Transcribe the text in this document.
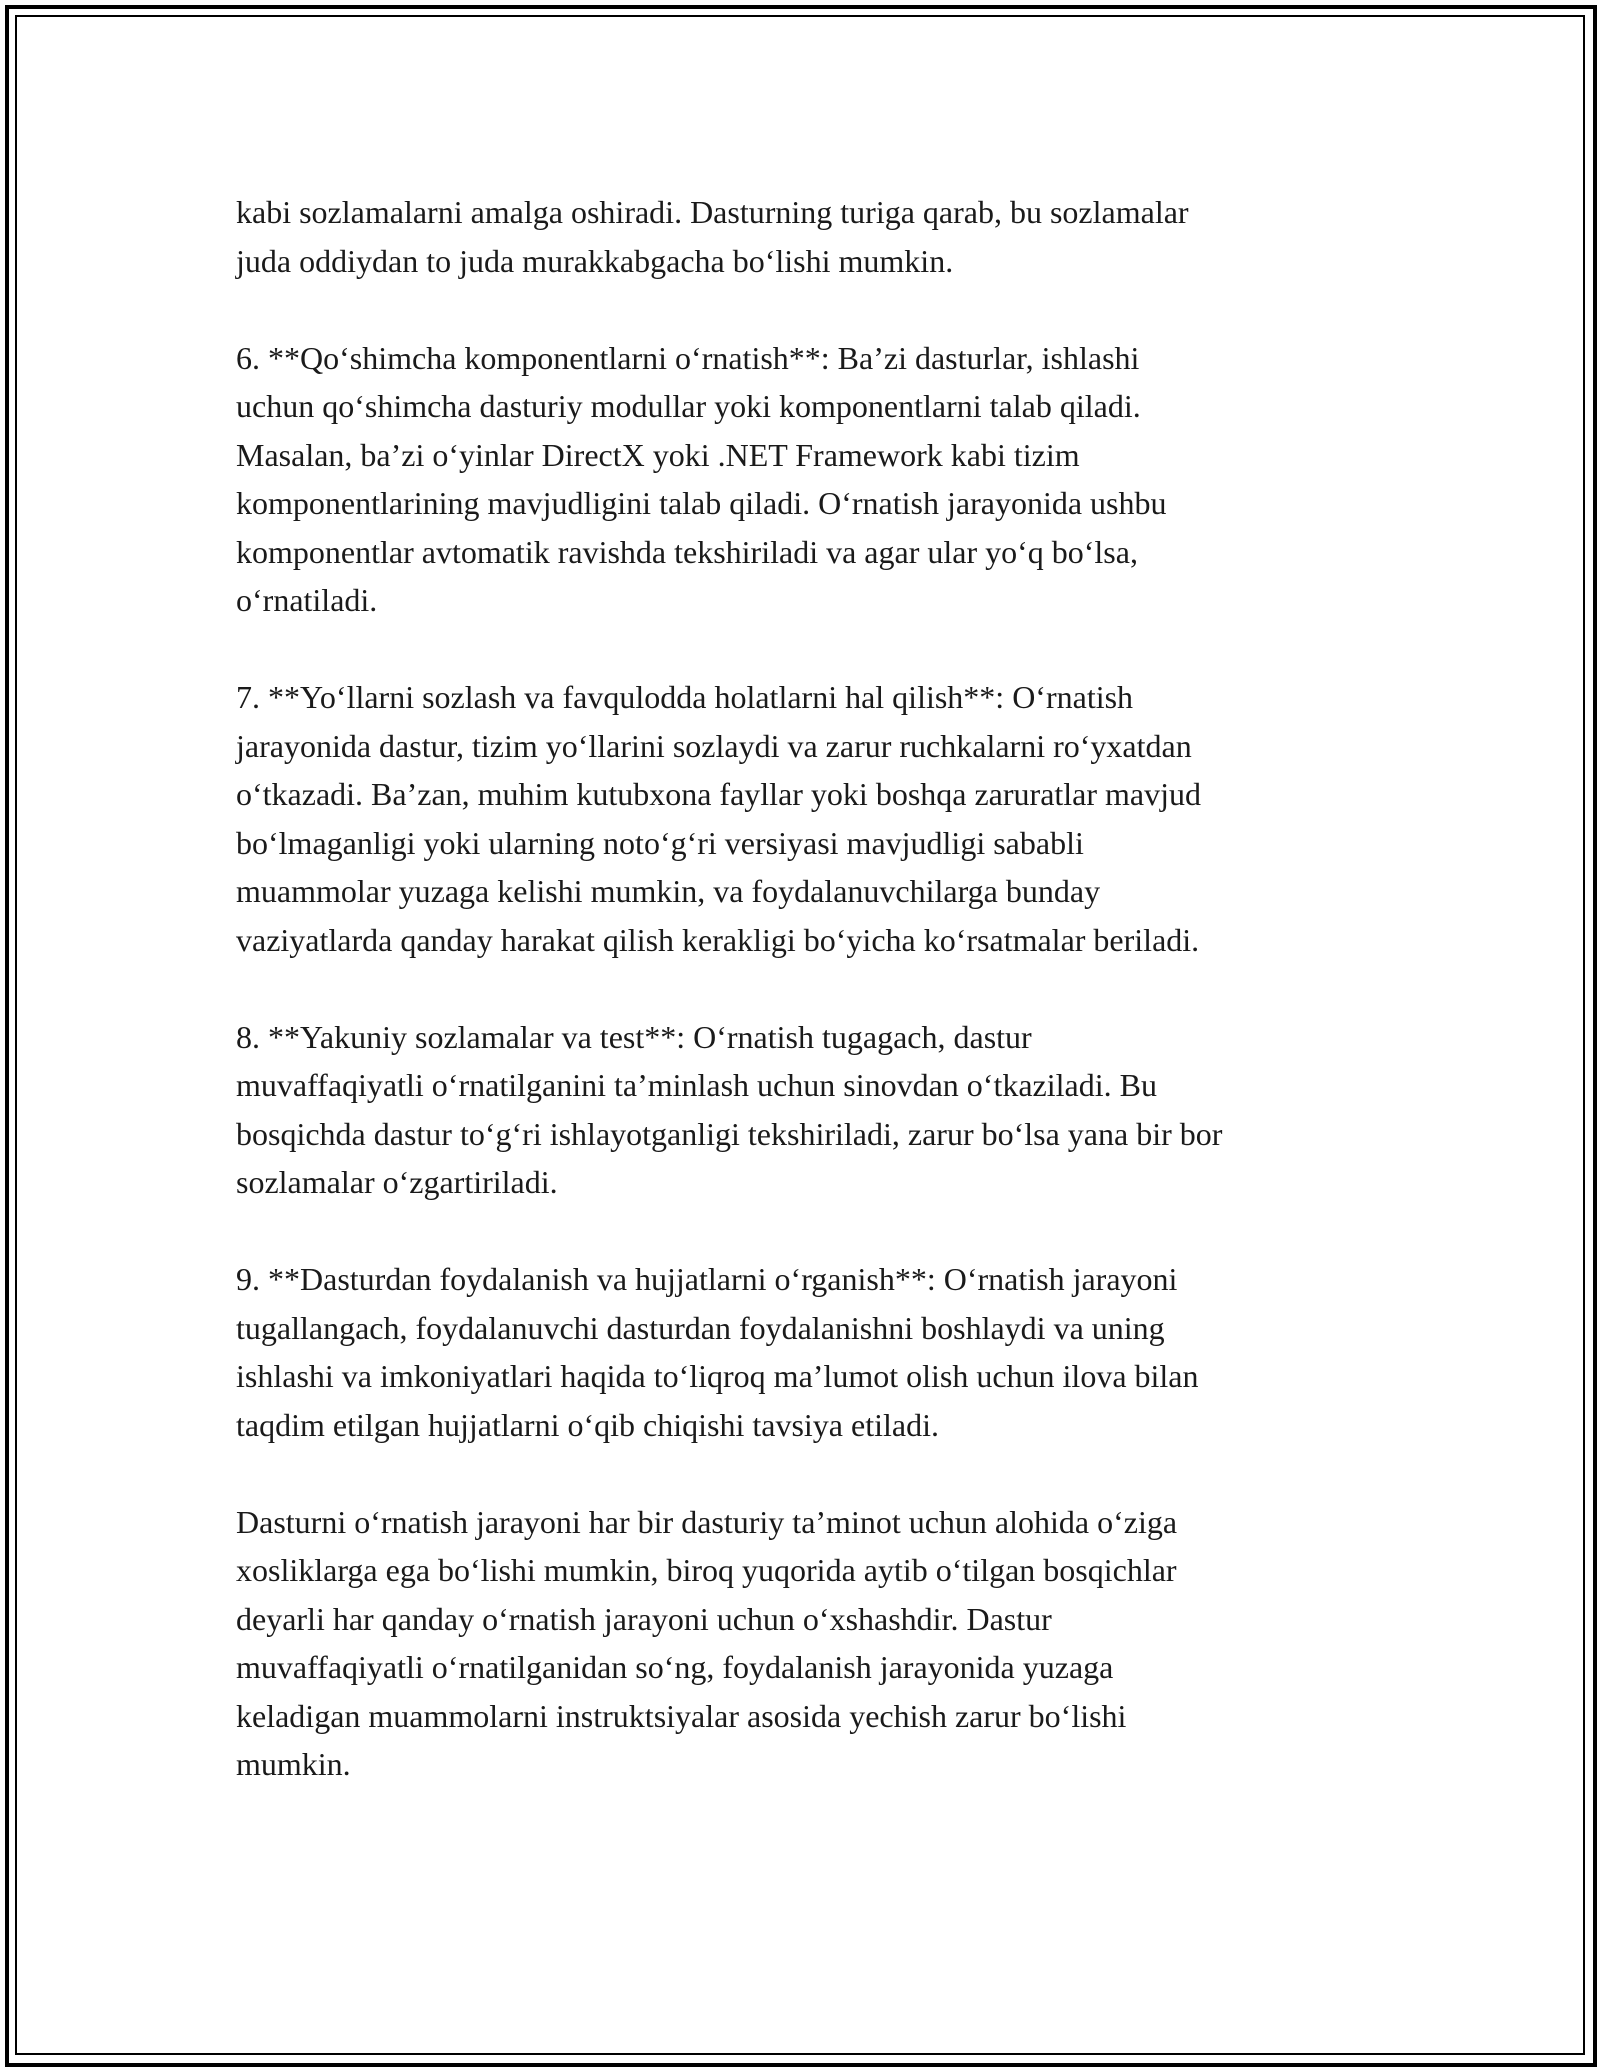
kabi sozlamalarni amalga oshiradi. Dasturning turiga qarab, bu sozlamalar
juda oddiydan to juda murakkabgacha bo‘lishi mumkin.

6. **Qo‘shimcha komponentlarni o‘rnatish**: Ba’zi dasturlar, ishlashi
uchun qo‘shimcha dasturiy modullar yoki komponentlarni talab qiladi.
Masalan, ba’zi o‘yinlar DirectX yoki .NET Framework kabi tizim
komponentlarining mavjudligini talab qiladi. O‘rnatish jarayonida ushbu
komponentlar avtomatik ravishda tekshiriladi va agar ular yo‘q bo‘lsa,
o‘rnatiladi.

7. **Yo‘llarni sozlash va favqulodda holatlarni hal qilish**: O‘rnatish
jarayonida dastur, tizim yo‘llarini sozlaydi va zarur ruchkalarni ro‘yxatdan
o‘tkazadi. Ba’zan, muhim kutubxona fayllar yoki boshqa zaruratlar mavjud
bo‘lmaganligi yoki ularning noto‘g‘ri versiyasi mavjudligi sababli
muammolar yuzaga kelishi mumkin, va foydalanuvchilarga bunday
vaziyatlarda qanday harakat qilish kerakligi bo‘yicha ko‘rsatmalar beriladi.

8. **Yakuniy sozlamalar va test**: O‘rnatish tugagach, dastur
muvaffaqiyatli o‘rnatilganini ta’minlash uchun sinovdan o‘tkaziladi. Bu
bosqichda dastur to‘g‘ri ishlayotganligi tekshiriladi, zarur bo‘lsa yana bir bor
sozlamalar o‘zgartiriladi.

9. **Dasturdan foydalanish va hujjatlarni o‘rganish**: O‘rnatish jarayoni
tugallangach, foydalanuvchi dasturdan foydalanishni boshlaydi va uning
ishlashi va imkoniyatlari haqida to‘liqroq ma’lumot olish uchun ilova bilan
taqdim etilgan hujjatlarni o‘qib chiqishi tavsiya etiladi.

Dasturni o‘rnatish jarayoni har bir dasturiy ta’minot uchun alohida o‘ziga
xosliklarga ega bo‘lishi mumkin, biroq yuqorida aytib o‘tilgan bosqichlar
deyarli har qanday o‘rnatish jarayoni uchun o‘xshashdir. Dastur
muvaffaqiyatli o‘rnatilganidan so‘ng, foydalanish jarayonida yuzaga
keladigan muammolarni instruktsiyalar asosida yechish zarur bo‘lishi
mumkin.
